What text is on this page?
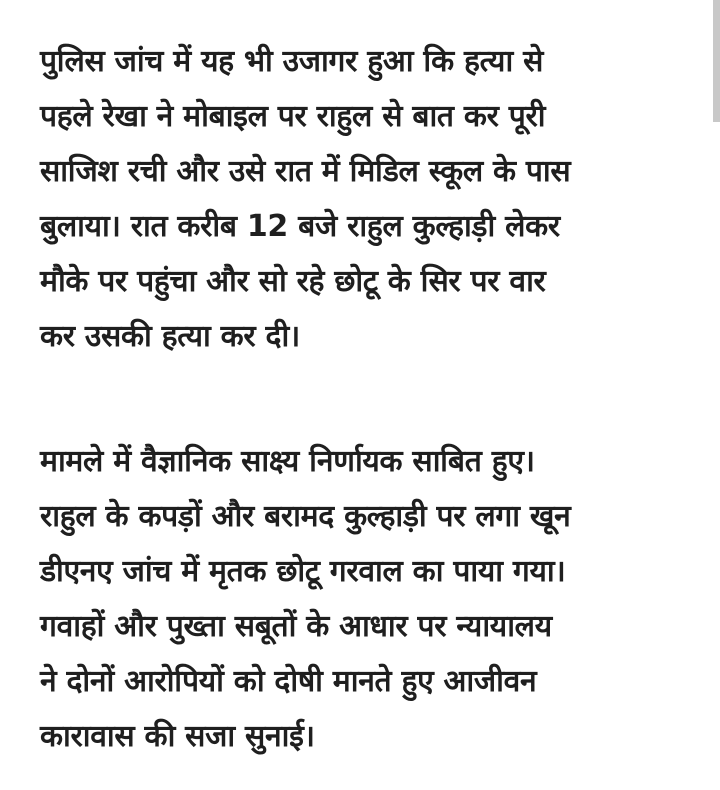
पुलिस जांच में यह भी उजागर हुआ कि हत्या से
पहले रेखा ने मोबाइल पर राहुल से बात कर पूरी
साजिश रची और उसे रात में मिडिल स्कूल के पास
बुलाया। रात करीब 12 बजे राहुल कुल्हाड़ी लेकर
मौके पर पहुंचा और सो रहे छोटू के सिर पर वार
कर उसकी हत्या कर दी।
मामले में वैज्ञानिक साक्ष्य निर्णायक साबित हुए।
राहुल के कपड़ों और बरामद कुल्हाड़ी पर लगा खून
डीएनए जांच में मृतक छोटू गरवाल का पाया गया।
गवाहों और पुख्ता सबूतों के आधार पर न्यायालय
ने दोनों आरोपियों को दोषी मानते हुए आजीवन
कारावास की सजा सुनाई।
